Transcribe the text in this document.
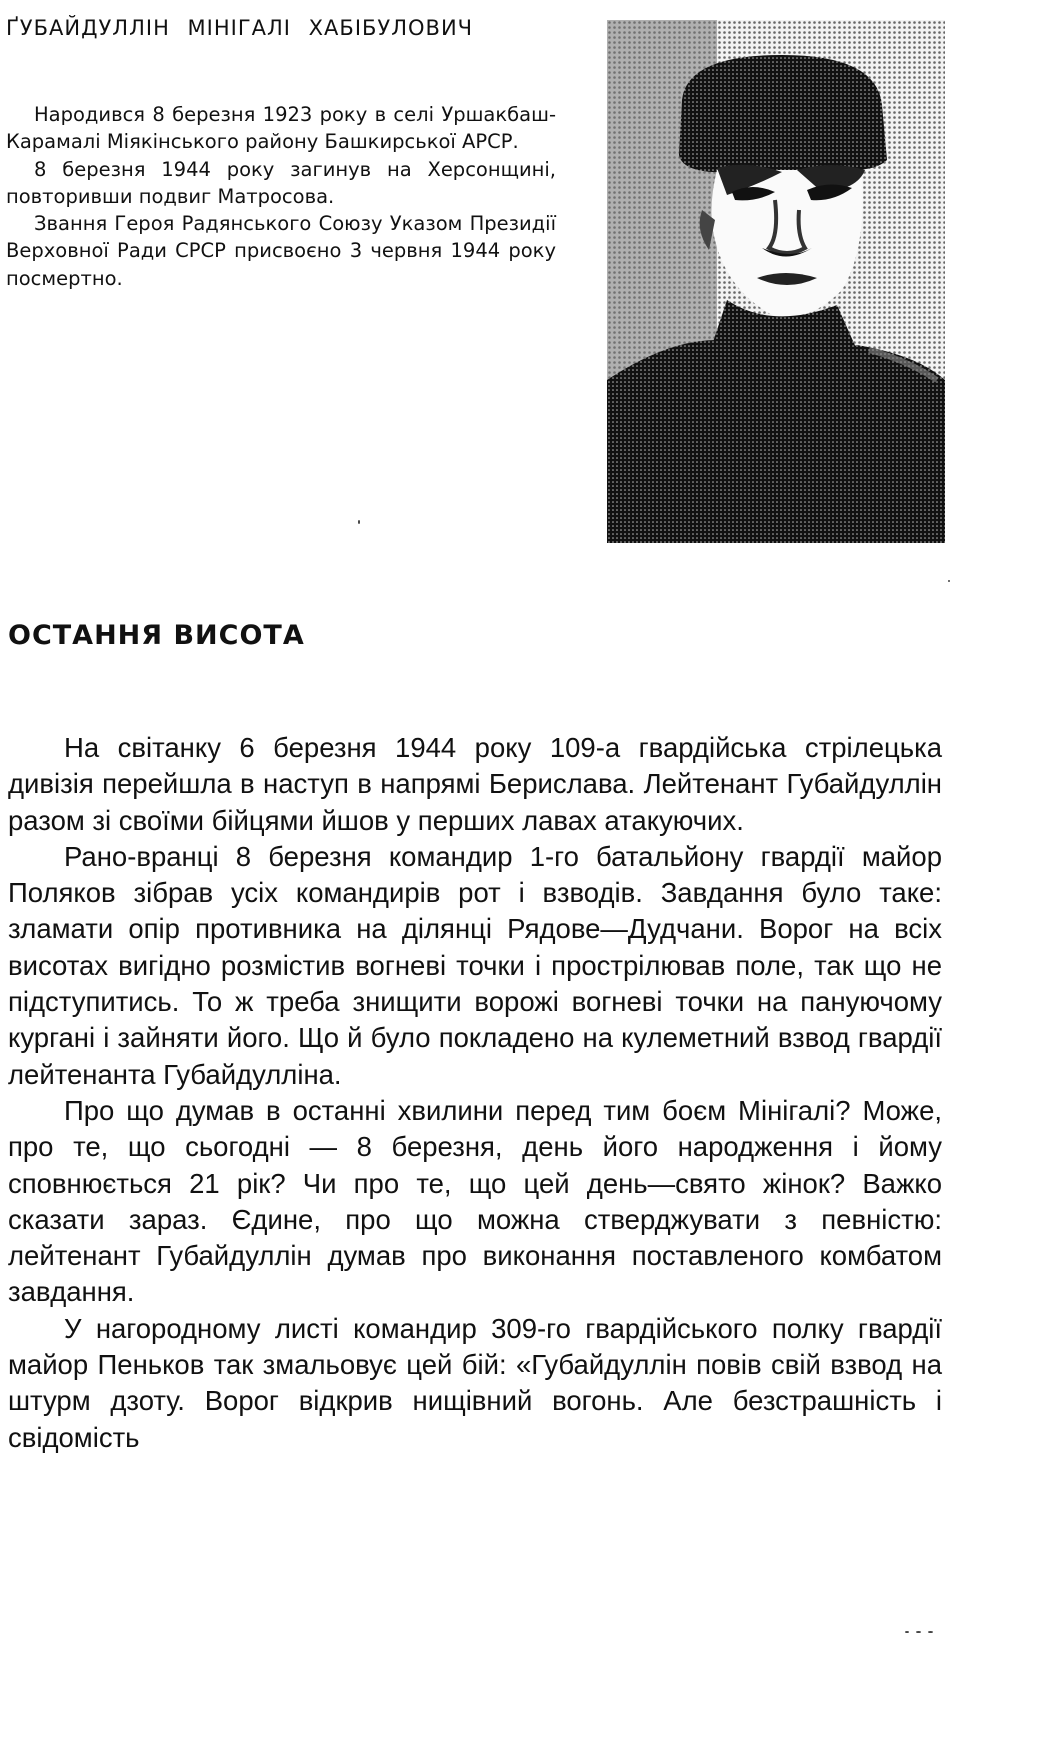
ҐУБАЙДУЛЛІН МІНІГАЛІ ХАБІБУЛОВИЧ

Народився 8 березня 1923 року в селі Уршакбаш-Карамалі Міякінського району Башкирської АРСР.

8 березня 1944 року загинув на Херсонщині, повторивши подвиг Матросова.

Звання Героя Радянського Союзу Указом Президії Верховної Ради СРСР присвоєно 3 червня 1944 року посмертно.

ОСТАННЯ ВИСОТА

На світанку 6 березня 1944 року 109-а гвардійська стрілецька дивізія перейшла в наступ в напрямі Берислава. Лейтенант Губайдуллін разом зі своїми бійцями йшов у перших лавах атакуючих.

Рано-вранці 8 березня командир 1-го батальйону гвардії майор Поляков зібрав усіх командирів рот і взводів. Завдання було таке: зламати опір противника на ділянці Рядове—Дудчани. Ворог на всіх висотах вигідно розмістив вогневі точки і прострілював поле, так що не підступитись. То ж треба знищити ворожі вогневі точки на пануючому кургані і зайняти його. Що й було покладено на кулеметний взвод гвардії лейтенанта Губайдулліна.

Про що думав в останні хвилини перед тим боєм Мінігалі? Може, про те, що сьогодні — 8 березня, день його народження і йому сповнюється 21 рік? Чи про те, що цей день—свято жінок? Важко сказати зараз. Єдине, про що можна стверджувати з певністю: лейтенант Губайдуллін думав про виконання поставленого комбатом завдання.

У нагородному листі командир 309-го гвардійського полку гвардії майор Пеньков так змальовує цей бій: «Губайдуллін повів свій взвод на штурм дзоту. Ворог відкрив нищівний вогонь. Але безстрашність і свідомість
